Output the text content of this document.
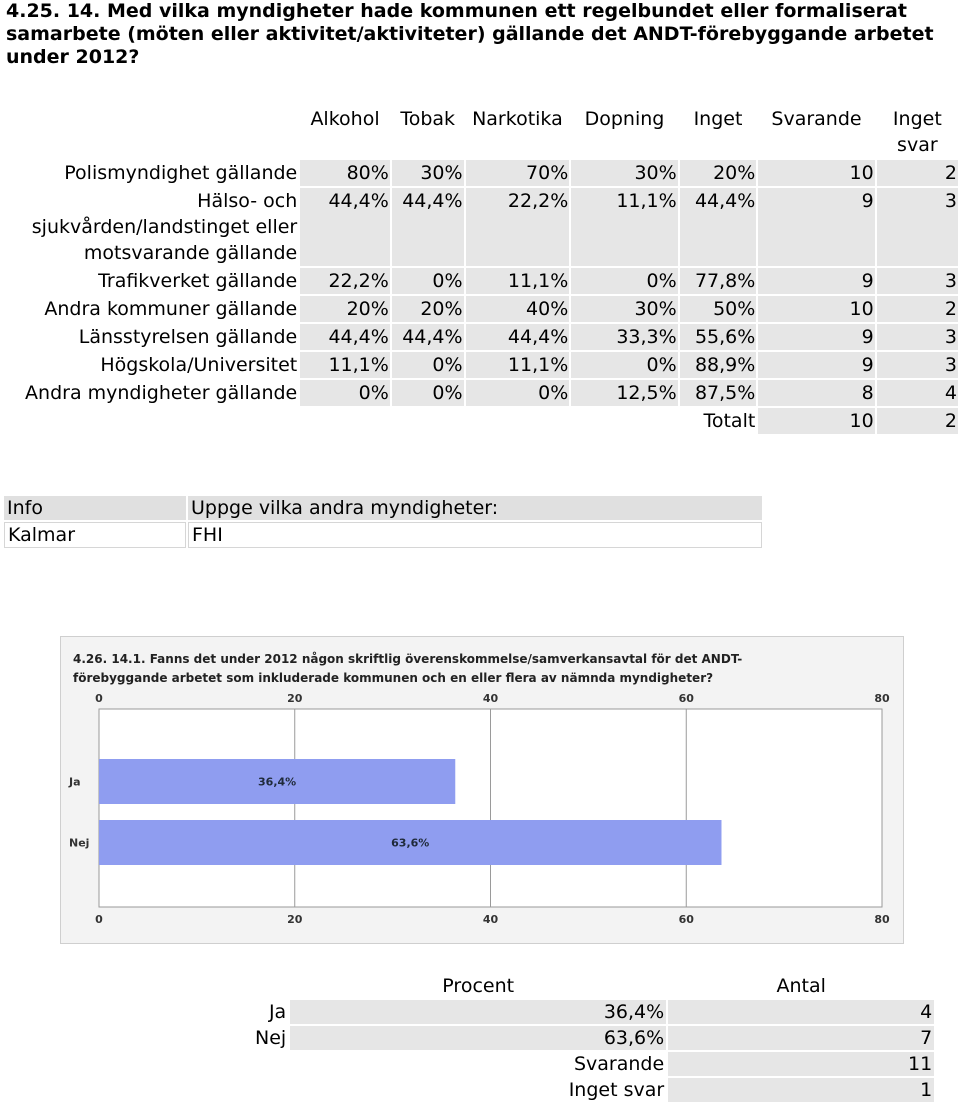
4.25. 14. Med vilka myndigheter hade kommunen ett regelbundet eller formaliserat samarbete (möten eller aktivitet/aktiviteter) gällande det ANDT-förebyggande arbetet under 2012?
	Alkohol	Tobak	Narkotika	Dopning	Inget	Svarande	Inget svar
Polismyndighet gällande	80%	30%	70%	30%	20%	10	2
Hälso- och sjukvården/landstinget eller motsvarande gällande	44,4%	44,4%	22,2%	11,1%	44,4%	9	3
Trafikverket gällande	22,2%	0%	11,1%	0%	77,8%	9	3
Andra kommuner gällande	20%	20%	40%	30%	50%	10	2
Länsstyrelsen gällande	44,4%	44,4%	44,4%	33,3%	55,6%	9	3
Högskola/Universitet	11,1%	0%	11,1%	0%	88,9%	9	3
Andra myndigheter gällande	0%	0%	0%	12,5%	87,5%	8	4
					Totalt	10	2
Info	Uppge vilka andra myndigheter:
Kalmar	FHI
4.26. 14.1. Fanns det under 2012 någon skriftlig överenskommelse/samverkansavtal för det ANDT-
förebyggande arbetet som inkluderade kommunen och en eller flera av nämnda myndigheter?
0
0
20
20
40
40
60
60
80
80
Ja	36,4%
Nej	63,6%
	Procent	Antal
Ja	36,4%	4
Nej	63,6%	7
	Svarande	11
	Inget svar	1
